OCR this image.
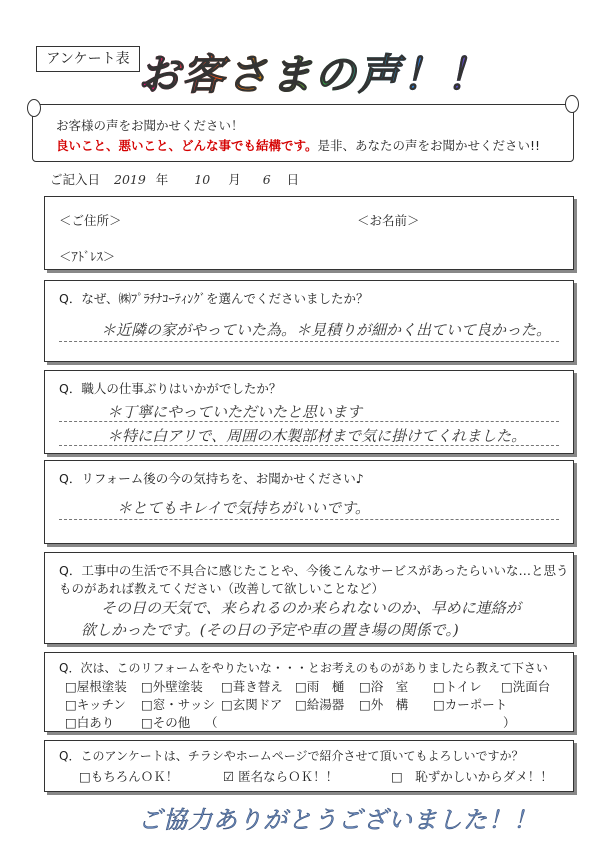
アンケート表 お客さまの声！！
お客様の声をお聞かせください！
良いこと、悪いこと、どんな事でも結構です。是非、あなたの声をお聞かせください!!
ご記入日 2019 年 10 月 6 日
＜ご住所＞	＜お名前＞
＜ｱﾄﾞﾚｽ＞
Q．なぜ、㈱ﾌﾟﾗﾁﾅｺｰﾃｨﾝｸﾞを選んでくださいましたか？
＊近隣の家がやっていた為。＊見積りが細かく出ていて良かった。
Q．職人の仕事ぶりはいかがでしたか？
＊丁寧にやっていただいたと思います
＊特に白アリで、周囲の木製部材まで気に掛けてくれました。
Q．リフォーム後の今の気持ちを、お聞かせください♪
＊とてもキレイで気持ちがいいです。
Q．工事中の生活で不具合に感じたことや、今後こんなサービスがあったらいいな…と思う
ものがあれば教えてください（改善して欲しいことなど）
その日の天気で、来られるのか来られないのか、早めに連絡が
欲しかったです。(その日の予定や車の置き場の関係で。)
Q．次は、このリフォームをやりたいな・・・とお考えのものがありましたら教えて下さい
□屋根塗装 □外壁塗装 □葺き替え □雨　樋 □浴　室 □トイレ □洗面台
□キッチン □窓・サッシ □玄関ドア □給湯器 □外　構 □カーポート
□白あり □その他 （	）
Q．このアンケートは、チラシやホームページで紹介させて頂いてもよろしいですか？
□もちろんＯＫ！	☑ 匿名ならＯＫ！！	□　恥ずかしいからダメ！！
ご協力ありがとうございました！！
